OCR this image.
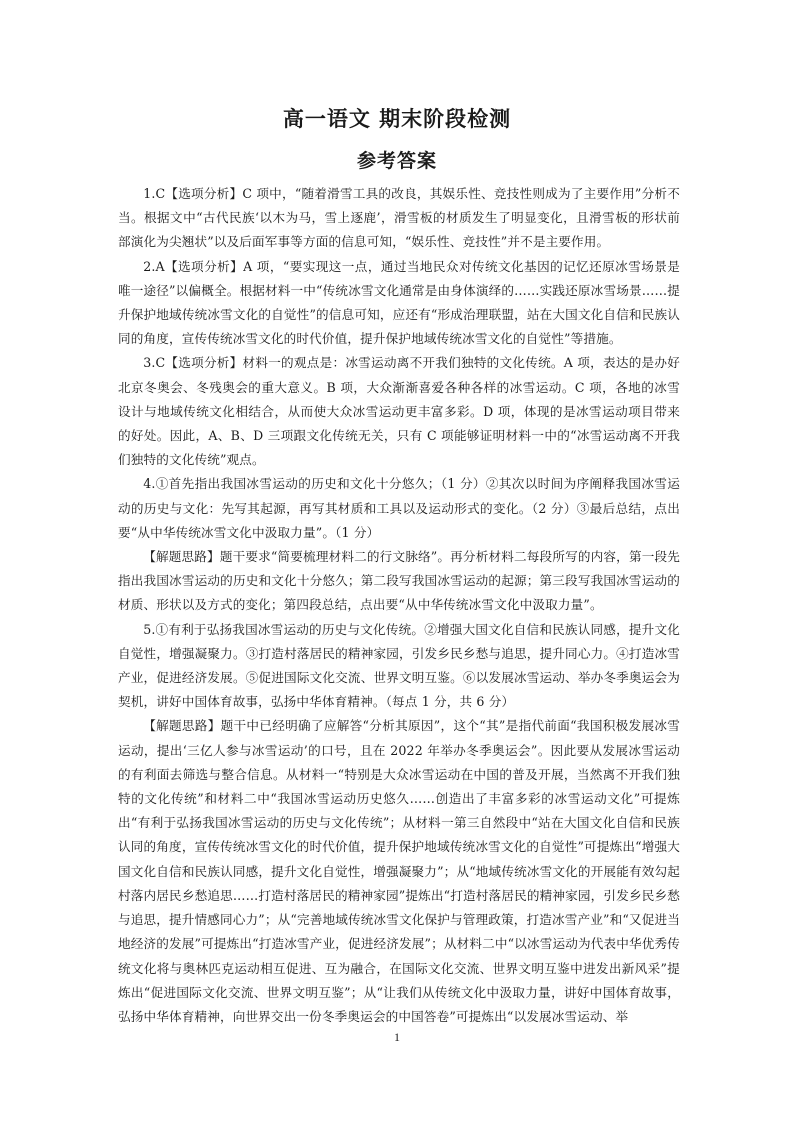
高一语文 期末阶段检测
参考答案

1.C【选项分析】C 项中，“随着滑雪工具的改良，其娱乐性、竞技性则成为了主要作用”分析不当。根据文中“古代民族‘以木为马，雪上逐鹿’，滑雪板的材质发生了明显变化，且滑雪板的形状前部演化为尖翘状”以及后面军事等方面的信息可知，“娱乐性、竞技性”并不是主要作用。

2.A【选项分析】A 项，“要实现这一点，通过当地民众对传统文化基因的记忆还原冰雪场景是唯一途径”以偏概全。根据材料一中“传统冰雪文化通常是由身体演绎的……实践还原冰雪场景……提升保护地域传统冰雪文化的自觉性”的信息可知，应还有“形成治理联盟，站在大国文化自信和民族认同的角度，宣传传统冰雪文化的时代价值，提升保护地域传统冰雪文化的自觉性”等措施。

3.C【选项分析】材料一的观点是：冰雪运动离不开我们独特的文化传统。A 项，表达的是办好北京冬奥会、冬残奥会的重大意义。B 项，大众渐渐喜爱各种各样的冰雪运动。C 项，各地的冰雪设计与地域传统文化相结合，从而使大众冰雪运动更丰富多彩。D 项，体现的是冰雪运动项目带来的好处。因此，A、B、D 三项跟文化传统无关，只有 C 项能够证明材料一中的“冰雪运动离不开我们独特的文化传统”观点。

4.①首先指出我国冰雪运动的历史和文化十分悠久；（1 分）②其次以时间为序阐释我国冰雪运动的历史与文化：先写其起源，再写其材质和工具以及运动形式的变化。（2 分）③最后总结，点出要“从中华传统冰雪文化中汲取力量”。（1 分）

【解题思路】题干要求“简要梳理材料二的行文脉络”。再分析材料二每段所写的内容，第一段先指出我国冰雪运动的历史和文化十分悠久；第二段写我国冰雪运动的起源；第三段写我国冰雪运动的材质、形状以及方式的变化；第四段总结，点出要“从中华传统冰雪文化中汲取力量”。

5.①有利于弘扬我国冰雪运动的历史与文化传统。②增强大国文化自信和民族认同感，提升文化自觉性，增强凝聚力。③打造村落居民的精神家园，引发乡民乡愁与追思，提升同心力。④打造冰雪产业，促进经济发展。⑤促进国际文化交流、世界文明互鉴。⑥以发展冰雪运动、举办冬季奥运会为契机，讲好中国体育故事，弘扬中华体育精神。（每点 1 分，共 6 分）

【解题思路】题干中已经明确了应解答“分析其原因”，这个“其”是指代前面“我国积极发展冰雪运动，提出‘三亿人参与冰雪运动’的口号，且在 2022 年举办冬季奥运会”。因此要从发展冰雪运动的有利面去筛选与整合信息。从材料一“特别是大众冰雪运动在中国的普及开展，当然离不开我们独特的文化传统”和材料二中“我国冰雪运动历史悠久……创造出了丰富多彩的冰雪运动文化”可提炼出“有利于弘扬我国冰雪运动的历史与文化传统”；从材料一第三自然段中“站在大国文化自信和民族认同的角度，宣传传统冰雪文化的时代价值，提升保护地域传统冰雪文化的自觉性”可提炼出“增强大国文化自信和民族认同感，提升文化自觉性，增强凝聚力”；从“地域传统冰雪文化的开展能有效勾起村落内居民乡愁追思……打造村落居民的精神家园”提炼出“打造村落居民的精神家园，引发乡民乡愁与追思，提升情感同心力”；从“完善地域传统冰雪文化保护与管理政策，打造冰雪产业”和“又促进当地经济的发展”可提炼出“打造冰雪产业，促进经济发展”；从材料二中“以冰雪运动为代表中华优秀传统文化将与奥林匹克运动相互促进、互为融合，在国际文化交流、世界文明互鉴中进发出新风采”提炼出“促进国际文化交流、世界文明互鉴”；从“让我们从传统文化中汲取力量，讲好中国体育故事，弘扬中华体育精神，向世界交出一份冬季奥运会的中国答卷”可提炼出“以发展冰雪运动、举

1
